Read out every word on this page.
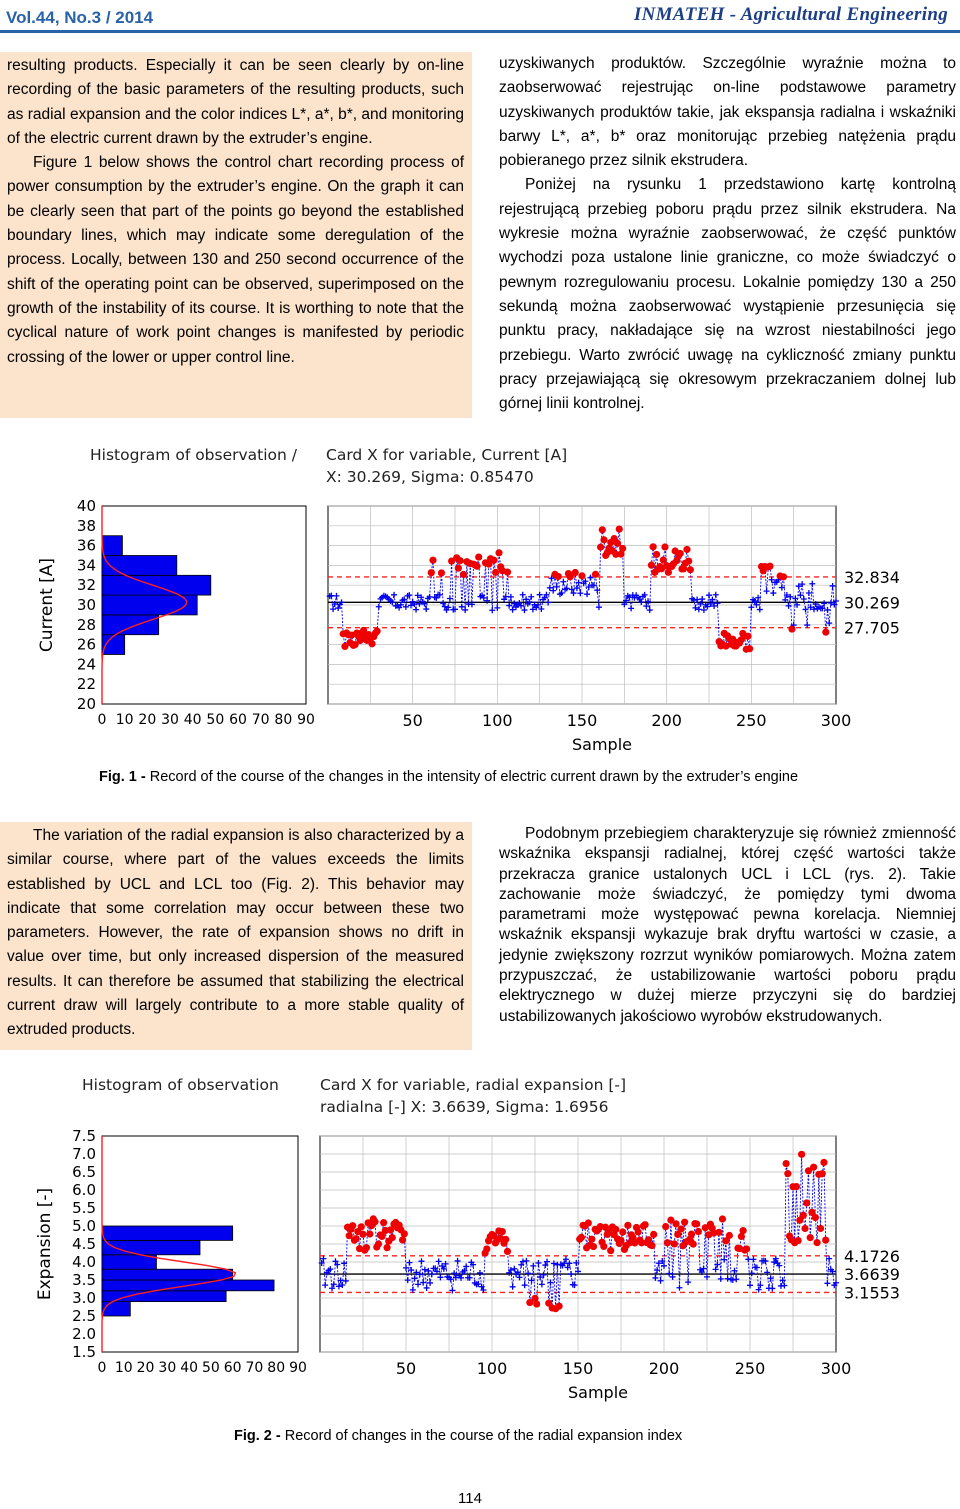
Vol.44, No.3 / 2014	INMATEH - Agricultural Engineering

resulting products. Especially it can be seen clearly by on-line recording of the basic parameters of the resulting products, such as radial expansion and the color indices L*, a*, b*, and monitoring of the electric current drawn by the extruder’s engine.

Figure 1 below shows the control chart recording process of power consumption by the extruder’s engine. On the graph it can be clearly seen that part of the points go beyond the established boundary lines, which may indicate some deregulation of the process. Locally, between 130 and 250 second occurrence of the shift of the operating point can be observed, superimposed on the growth of the instability of its course. It is worthing to note that the cyclical nature of work point changes is manifested by periodic crossing of the lower or upper control line.

uzyskiwanych produktów. Szczególnie wyraźnie można to zaobserwować rejestrując on-line podstawowe parametry uzyskiwanych produktów takie, jak ekspansja radialna i wskaźniki barwy L*, a*, b* oraz monitorując przebieg natężenia prądu pobieranego przez silnik ekstrudera.

Poniżej na rysunku 1 przedstawiono kartę kontrolną rejestrującą przebieg poboru prądu przez silnik ekstrudera. Na wykresie można wyraźnie zaobserwować, że część punktów wychodzi poza ustalone linie graniczne, co może świadczyć o pewnym rozregulowaniu procesu. Lokalnie pomiędzy 130 a 250 sekundą można zaobserwować wystąpienie przesunięcia się punktu pracy, nakładające się na wzrost niestabilności jego przebiegu. Warto zwrócić uwagę na cykliczność zmiany punktu pracy przejawiającą się okresowym przekraczaniem dolnej lub górnej linii kontrolnej.

Histogram of observation / Card X for variable, Current [A]
X: 30.269, Sigma: 0.85470
20
22
24
26
28
30
32
34
36
38
40
0 10 20 30 40 50 60 70 80 90
Current [A]	32.834
30.269
27.705
50	100	150	200	250	300
Sample
Fig. 1 - Record of the course of the changes in the intensity of electric current drawn by the extruder’s engine

The variation of the radial expansion is also characterized by a similar course, where part of the values exceeds the limits established by UCL and LCL too (Fig. 2). This behavior may indicate that some correlation may occur between these two parameters. However, the rate of expansion shows no drift in value over time, but only increased dispersion of the measured results. It can therefore be assumed that stabilizing the electrical current draw will largely contribute to a more stable quality of extruded products.

Podobnym przebiegiem charakteryzuje się również zmienność wskaźnika ekspansji radialnej, której część wartości także przekracza granice ustalonych UCL i LCL (rys. 2). Takie zachowanie może świadczyć, że pomiędzy tymi dwoma parametrami może występować pewna korelacja. Niemniej wskaźnik ekspansji wykazuje brak dryftu wartości w czasie, a jedynie zwiększony rozrzut wyników pomiarowych. Można zatem przypuszczać, że ustabilizowanie wartości poboru prądu elektrycznego w dużej mierze przyczyni się do bardziej ustabilizowanych jakościowo wyrobów ekstrudowanych.

Histogram of observation	Card X for variable, radial expansion [-]
radialna [-] X: 3.6639, Sigma: 1.6956
1.5
2.0
2.5
3.0
3.5
4.0
4.5
5.0
5.5
6.0
6.5
7.0
7.5
0 10 20 30 40 50 60 70 80 90
Expansion [-]	4.1726
3.6639
3.1553
50	100	150	200	250	300
Sample
Fig. 2 - Record of changes in the course of the radial expansion index
114
